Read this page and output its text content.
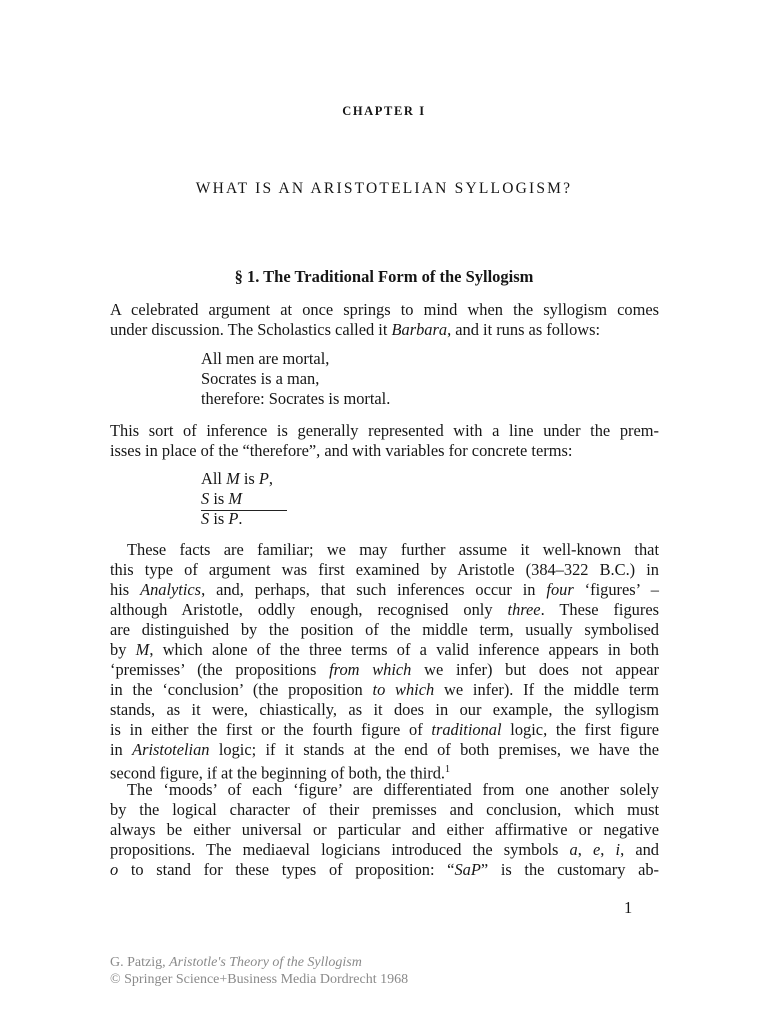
CHAPTER I
WHAT IS AN ARISTOTELIAN SYLLOGISM?
§ 1. The Traditional Form of the Syllogism
A celebrated argument at once springs to mind when the syllogism comes
under discussion. The Scholastics called it Barbara, and it runs as follows:
All men are mortal,
Socrates is a man,
therefore: Socrates is mortal.
This sort of inference is generally represented with a line under the prem-
isses in place of the “therefore”, and with variables for concrete terms:
All M is P,
S is M
S is P.
These facts are familiar; we may further assume it well-known that
this type of argument was first examined by Aristotle (384–322 B.C.) in
his Analytics, and, perhaps, that such inferences occur in four ‘figures’ –
although Aristotle, oddly enough, recognised only three. These figures
are distinguished by the position of the middle term, usually symbolised
by M, which alone of the three terms of a valid inference appears in both
‘premisses’ (the propositions from which we infer) but does not appear
in the ‘conclusion’ (the proposition to which we infer). If the middle term
stands, as it were, chiastically, as it does in our example, the syllogism
is in either the first or the fourth figure of traditional logic, the first figure
in Aristotelian logic; if it stands at the end of both premises, we have the
second figure, if at the beginning of both, the third.$^1$
The ‘moods’ of each ‘figure’ are differentiated from one another solely
by the logical character of their premisses and conclusion, which must
always be either universal or particular and either affirmative or negative
propositions. The mediaeval logicians introduced the symbols a, e, i, and
o to stand for these types of proposition: “SaP” is the customary ab-
1
G. Patzig, Aristotle's Theory of the Syllogism
© Springer Science+Business Media Dordrecht 1968
